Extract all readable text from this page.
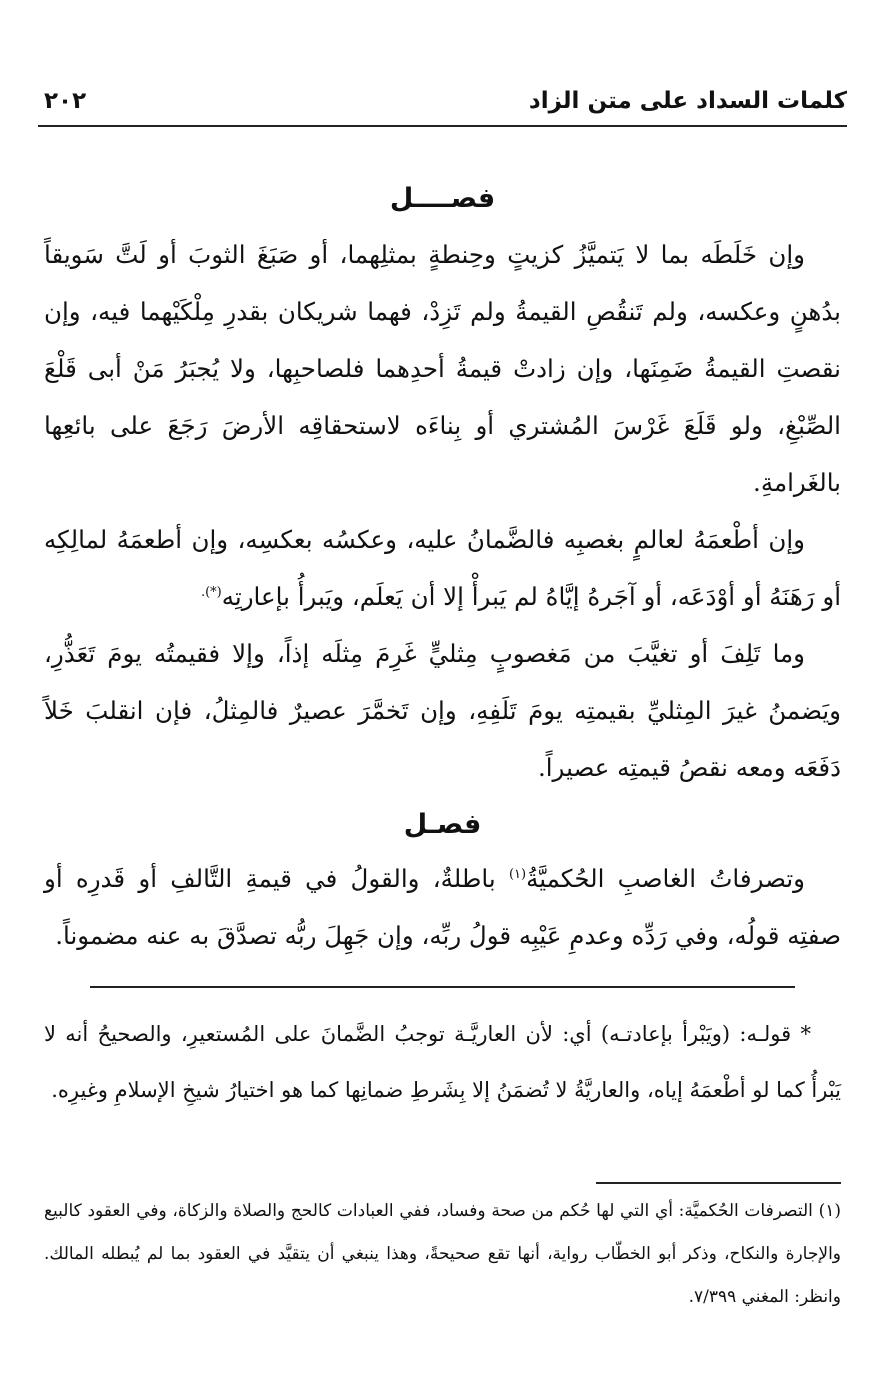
كلمات السداد على متن الزاد
٢٠٢
فصــــل

وإن خَلَطَه بما لا يَتميَّزُ كزيتٍ وحِنطةٍ بمثلِهما، أو صَبَغَ الثوبَ أو لَتَّ سَويقاً بدُهنٍ وعكسه، ولم تَنقُصِ القيمةُ ولم تَزِدْ، فهما شريكان بقدرِ مِلْكَيْهما فيه، وإن نقصتِ القيمةُ ضَمِنَها، وإن زادتْ قيمةُ أحدِهما فلصاحبِها، ولا يُجبَرُ مَنْ أبى قَلْعَ الصِّبْغِ، ولو قَلَعَ غَرْسَ المُشتري أو بِناءَه لاستحقاقِه الأرضَ رَجَعَ على بائعِها بالغَرامةِ.

وإن أطْعمَهُ لعالمٍ بغصبِه فالضَّمانُ عليه، وعكسُه بعكسِه، وإن أطعمَهُ لمالِكِه أو رَهَنَهُ أو أوْدَعَه، أو آجَرهُ إيَّاهُ لم يَبرأْ إلا أن يَعلَم، ويَبرأُ بإعارتِه(*).

وما تَلِفَ أو تغيَّبَ من مَغصوبٍ مِثليٍّ غَرِمَ مِثلَه إذاً، وإلا فقيمتُه يومَ تَعَذُّرِ، ويَضمنُ غيرَ المِثليِّ بقيمتِه يومَ تَلَفِهِ، وإن تَخمَّرَ عصيرٌ فالمِثلُ، فإن انقلبَ خَلاً دَفَعَه ومعه نقصُ قيمتِه عصيراً.

فصـل

وتصرفاتُ الغاصبِ الحُكميَّةُ$^{(١)}$ باطلةٌ، والقولُ في قيمةِ التَّالفِ أو قَدرِه أو صفتِه قولُه، وفي رَدِّه وعدمِ عَيْبِه قولُ ربِّه، وإن جَهِلَ ربُّه تصدَّقَ به عنه مضموناً.

* قولـه: (ويَبْرأ بإعادتـه) أي: لأن العاريَّـة توجبُ الضَّمانَ على المُستعيرِ، والصحيحُ أنه لا يَبْرأُ كما لو أطْعمَهُ إياه، والعاريَّةُ لا تُضمَنُ إلا بِشَرطِ ضمانِها كما هو اختيارُ شيخِ الإسلامِ وغيرِه.

(١) التصرفات الحُكميَّة: أي التي لها حُكم من صحة وفساد، ففي العبادات كالحج والصلاة والزكاة، وفي العقود كالبيع والإجارة والنكاح، وذكر أبو الخطّاب رواية، أنها تقع صحيحةً، وهذا ينبغي أن يتقيَّد في العقود بما لم يُبطله المالك. وانظر: المغني ٧/٣٩٩.
